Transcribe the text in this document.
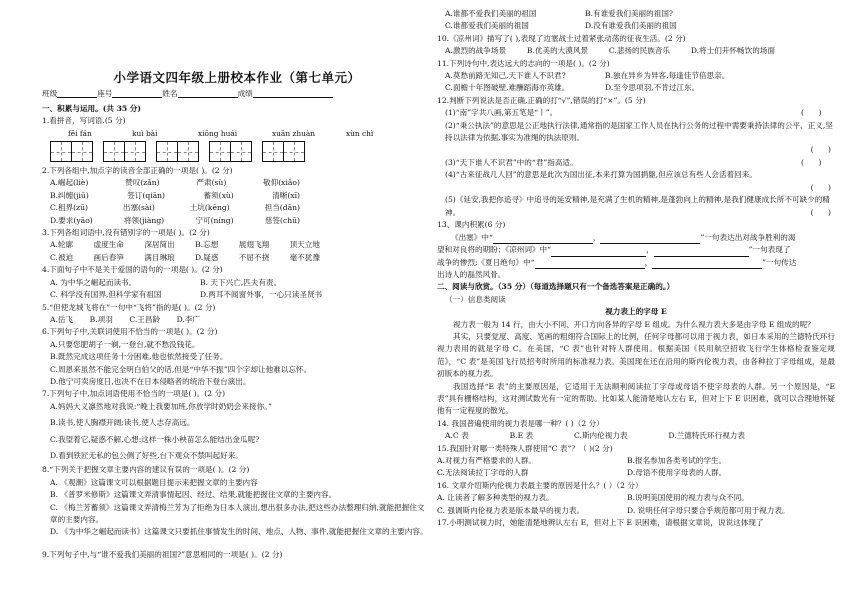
小学语文四年级上册校本作业（第七单元）
班级	座号	姓名	成绩
一、积累与运用。(共 35 分)
1.看拼音，写词语.(5 分)
fēi fán	kuì bài	xiōng huái	xuān zhuàn	xùn chì
2.下列各组中,加点字的读音全部正确的一项是( )。(2 分)
A.崛起(liè)	赞叹(zǎn)	严肃(sù)	敬仰(xiǎo)
B.纠缠(jiū)	签订(qiān)	蓄须(xù)	清晰(xī)
C.租界(zū)	出塞(sài)	土坑(kēng)	担当(dān)
D.要求(yāo)	将领(jiàng)	宁可(níng)	慈签(chū)
3.下列各组词语中,没有错别字的一项是( )。(2 分)
A.轮廓	虚度生命	深居简出	B.忘想	展翅飞翔	顶天立地
C.被迫	画后春笋	满目琳琅	D.疑惑	不屈不挠	毫不犹豫
4.下面句子中不是关于爱国的语句的一项是( )。(2 分)
A. 为中华之崛起而读书。	B. 天下兴亡,匹夫有责。
C. 科学没有国界,但科学家有祖国	D.两耳不闻窗外事，一心只读圣贤书
5.“但使龙城飞将在”一句中“飞将”指的是( )。(2 分)
A.岳飞 B.项羽 C.王昌龄 D.李广
6.下列句子中,关联词使用不恰当的一项是( )。(2 分)
A.只要您肥胡子一剃,一登台,就不愁没钱花。
B.既然完成这项任务十分困难,他也依然接受了任务。
C.周恩来虽然不能完全明白伯父的话,但是“中华不振”四个字却让他难以忘怀。
D.他宁可卖房度日,也决不在日本侵略者的统治下登台演出。
7.下列句子中,加点词语使用不恰当的一项是( )。(2 分)
A.妈妈大义凛然地对我说:“晚上我要加班,你放学时奶奶会来接你。”
B.读书,使人胸襟开阔;读书,使人志存高远。
C.我望着它,疑惑不解,心想:这样一株小秧苗怎么能结出金瓜呢?
D.看到铁匠无私的包公侧了好些,台下观众不禁叫起好来。
8.“下列关于把握文章主要内容的建议有误的一项是( )。(2 分)
A. 《观潮》这篇课文可以根据题目提示来把握文章的主要内容
B. 《普罗米修斯》这篇课文弄清事情起因、经过、结果,就能把握住文章的主要内容。
C. 《梅兰芳蓄须》这篇课文弄清梅兰芳为了拒绝为日本人演出,想出很多办法,把这些办法整理归纳,就能把握住文章的主要内容。
D. 《为中华之崛起而读书》这篇课文只要抓住事情发生的时间、地点、人物、事件,就能把握住文章的主要内容。
9.下列句子中,与“谁不爱我们美丽的祖国?”意思相同的一项是( )。(2 分)
A.谁都不爱我们美丽的祖国	B.有谁爱我们美丽的祖国?
C.谁都爱我们美丽的祖国	D.没有谁爱我们美丽的祖国
10.《凉州词》描写了( ),表现了边塞战士过着紧张动荡的征夜生活。(2 分)
A.激烈的战争场景	B.优美的大漠风景	C.悲扬的民族音乐	D.将士们开怀畅饮的场面
11.下列诗句中,表达远大的志向的一项是( )。(2 分)
A.莫愁前路无知己,天下谁人不识君?	B.独在异乡为异客,每逢佳节倍思亲。
C.面檐十年图破壁,难酬蹈海亦英雄。	D.至今思项羽,不肯过江东。
12.判断下列说法是否正确,正确的打“√”,错误的打“×”。(5 分)
(1)“南”字共八画,第五笔是“丨”。	(      )
(2)“秉公执法”的意思是公正地执行法律,通常指的是国家工作人员在执行公务的过程中需要秉持法律的公平、正义,坚持以法律为依据,事实为准绳的执法原则。
(      )
(3)“天下谁人不识君”中的“君”指高适。	(      )
(4)“古来征战几人回”的意思是此次为国出征,本来打算为国捐躯,但应该总有些人会活着回来。
(      )
(5)《延安,我把你追寻》中追寻的延安精神,是充满了生机的精神,是蓬勃向上的精神,是我们健康成长所不可缺少的精神。	(      )
13、课内积累(6 分)
《出塞》中“	，	”一句表达出对战争胜利的渴
望和对良将的期盼；《凉州词》中“	，	”一句表现了
战争的惨烈;《夏日绝句》中“	，	”一句传达
出诗人的磊然风骨。
二、阅读与欣赏。（35 分）（每道选择题只有一个备选答案是正确的。）
（一）信息类阅读
视力表上的字母 E
视力表一般为 14 行，由大小不同、开口方向各异的字母 E 组成。为什么视力表大多是由字母 E 组成的呢？
其实，只要觉度、高度、笔画的粗细符合国际上的比例，任何字母都可以用于视力表，如日本采用的兰德特氏环行视力表用的就是字母 C。在美国，“C 表”也针对特人群使用。根据美国《民用航空招收飞行学生体格检查鉴定规范》，“C 表”是美国飞行员招考时所用的标准视力表。美国现在还在沿用的斯内伦视力表，由各种拉丁字母组成，是最初版本的视力表。
我国选择“E 表”的主要原因是，它适用于无法顺利阅读拉丁字母或母语不使字母表的人群。另一个原因是，“E 表”具有栅格结构，这对测试数光有一定的帮助。比如某人能清楚地认左右 E，但对上下 E 识困难，就可以合理地怀疑他有一定程度的散光。
14. 我国普遍使用的视力表是哪一种？( )（2 分）
A.C 表	B.E 表	C.斯内伦视力表	D.兰德特氏环行视力表
15.我国针对哪一类特殊人群使用“C 表”？（ )(2 分)
A.对视力有严格要求的人群。	B.报名参加各类考试的学生。
C.无法阅读拉丁字母的人群	D.母语不使用字母表的人群。
16. 文章介绍斯内伦视力表最主要的原因是什么？( ）（2 分）
A. 让读者了解多种类型的视力表。	B.说明美国使用的视力表与众不同。
C. 强调斯内伦视力表是版本最早的视力表。	D. 说明任何字母只要合乎规范都可用于视力表。
17.小明测试视力时，她能清楚地辨认左右 E，但对上下 E 识困难，请根据文章说，说说这体现了
